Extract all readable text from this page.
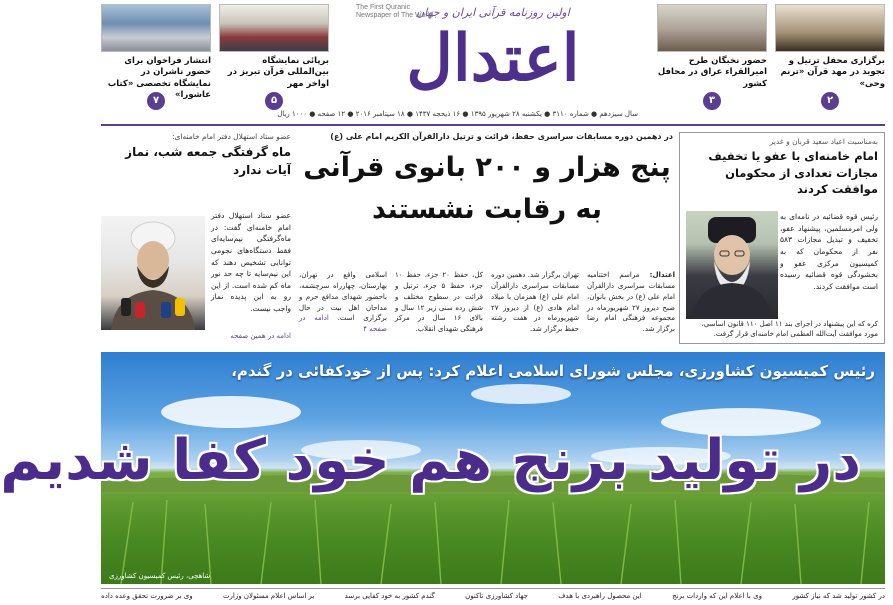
برگزاری محفل ترتیل و تجوید در مهد قرآن «ترنم وحی»
۲
حضور نخبگان طرح امیرالقراء عراق در محافل کشور
۳
برپائی نمایشگاه بین‌المللی قرآن تبریز در اواخر مهر
۵
انتشار فراخوان برای حضور ناشران در نمایشگاه تخصصی «کتاب عاشورا»
۷
The First Quranic Newspaper of The World
اولین روزنامه قرآنی ایران و جهان
اعتدال
سال سیزدهم ● شماره ۳۱۱۰ ● یکشنبه ۲۸ شهریور ۱۳۹۵ ● ۱۶ ذیحجه ۱۴۳۷ ● ۱۸ سپتامبر ۲۰۱۶ ● ۱۲ صفحه ● ۱۰۰۰ ریال
به‌مناسبت اعیاد سعید قربان و غدیر
امام خامنه‌ای با عفو یا تخفیف مجازات تعدادی از محکومان موافقت کردند
رئیس قوه قضائیه در نامه‌ای به ولی امرمسلمین، پیشنهاد عفو، تخفیف و تبدیل مجازات ۵۸۳ نفر از محکومان که به کمیسیون مرکزی عفو و بخشودگی قوه قضائیه رسیده است موافقت کردند.
کره که این پیشنهاد در اجرای بند ۱۱ اصل ۱۱۰ قانون اساسی، مورد موافقت آیت‌الله العظمی امام خامنه‌ای قرار گرفت.
در دهمین دوره مسابقات سراسری حفظ، قرائت و ترتیل دارالقرآن الکریم امام علی (ع)
پنج هزار و ۲۰۰ بانوی قرآنی به رقابت نشستند
اعتدال: مراسم اختتامیه مسابقات سراسری دارالقرآن امام علی (ع) در بخش بانوان، صبح دیروز ۲۷ شهریورماه در مجموعه فرهنگی امام رضا برگزار شد.
تهران برگزار شد. دهمین دوره مسابقات سراسری دارالقرآن امام علی (ع) همزمان با میلاد امام هادی (ع) از دیروز ۲۷ شهریورماه در هفت رشته حفظ برگزار شد.
کل، حفظ ۲۰ جزء، حفظ ۱۰ جزء، حفظ ۵ جزء، ترتیل و قرائت در سطوح مختلف و شش رده سنی زیر ۱۲ سال و بالای ۱۶ سال در مرکز فرهنگی شهدای انقلاب.
اسلامی واقع در تهران، بهارستان، چهارراه سرچشمه، باحضور شهدای مدافع حرم و مداحان اهل بیت در حال برگزاری است. ادامه در صفحه ۴
عضو ستاد استهلال دفتر امام خامنه‌ای:
ماه گرفتگی جمعه شب، نماز آیات ندارد
عضو ستاد استهلال دفتر امام خامنه‌ای گفت: در ماه‌گرفتگی نیم‌سایه‌ای فقط دستگاه‌های نجومی توانایی تشخیص دهند که این نیم‌سایه تا چه حد نور ماه کم شده است. از این رو به این پدیده نماز واجب نیست.
ادامه در همین صفحه
رئیس کمیسیون کشاورزی، مجلس شورای اسلامی اعلام کرد: پس از خودکفائی در گندم،
در تولید برنج هم خود کفا شدیم
شاهچی، رئیس کمیسیون کشاورزی
در کشور تولید شد که نیاز کشور
وی با اعلام این که واردات برنج
این محصول راهبردی با هدف
جهاد کشاورزی تاکنون
گندم کشور به خود کفایی برسد
بر اساس اعلام مسئولان وزارت
وی بر ضرورت تحقق وعده داده
